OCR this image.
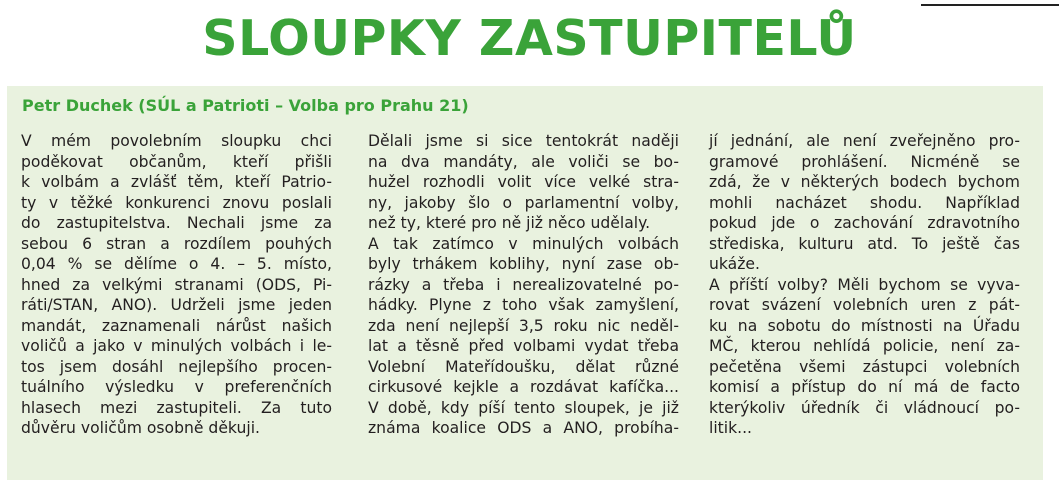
SLOUPKY ZASTUPITELŮ
Petr Duchek (SÚL a Patrioti – Volba pro Prahu 21)
V mém povolebním sloupku chci
poděkovat občanům, kteří přišli
k volbám a zvlášť těm, kteří Patrio-
ty v těžké konkurenci znovu poslali
do zastupitelstva. Nechali jsme za
sebou 6 stran a rozdílem pouhých
0,04 % se dělíme o 4. – 5. místo,
hned za velkými stranami (ODS, Pi-
ráti/STAN, ANO). Udrželi jsme jeden
mandát, zaznamenali nárůst našich
voličů a jako v minulých volbách i le-
tos jsem dosáhl nejlepšího procen-
tuálního výsledku v preferenčních
hlasech mezi zastupiteli. Za tuto
důvěru voličům osobně děkuji.
Dělali jsme si sice tentokrát naději
na dva mandáty, ale voliči se bo-
hužel rozhodli volit více velké stra-
ny, jakoby šlo o parlamentní volby,
než ty, které pro ně již něco udělaly.
A tak zatímco v minulých volbách
byly trhákem koblihy, nyní zase ob-
rázky a třeba i nerealizovatelné po-
hádky. Plyne z toho však zamyšlení,
zda není nejlepší 3,5 roku nic neděl-
lat a těsně před volbami vydat třeba
Volební Mateřídoušku, dělat různé
cirkusové kejkle a rozdávat kafíčka...
V době, kdy píší tento sloupek, je již
známa koalice ODS a ANO, probíha-
jí jednání, ale není zveřejněno pro-
gramové prohlášení. Nicméně se
zdá, že v některých bodech bychom
mohli nacházet shodu. Například
pokud jde o zachování zdravotního
střediska, kulturu atd. To ještě čas
ukáže.
A příští volby? Měli bychom se vyva-
rovat svázení volebních uren z pát-
ku na sobotu do místnosti na Úřadu
MČ, kterou nehlídá policie, není za-
pečetěna všemi zástupci volebních
komisí a přístup do ní má de facto
kterýkoliv úředník či vládnoucí po-
litik...
